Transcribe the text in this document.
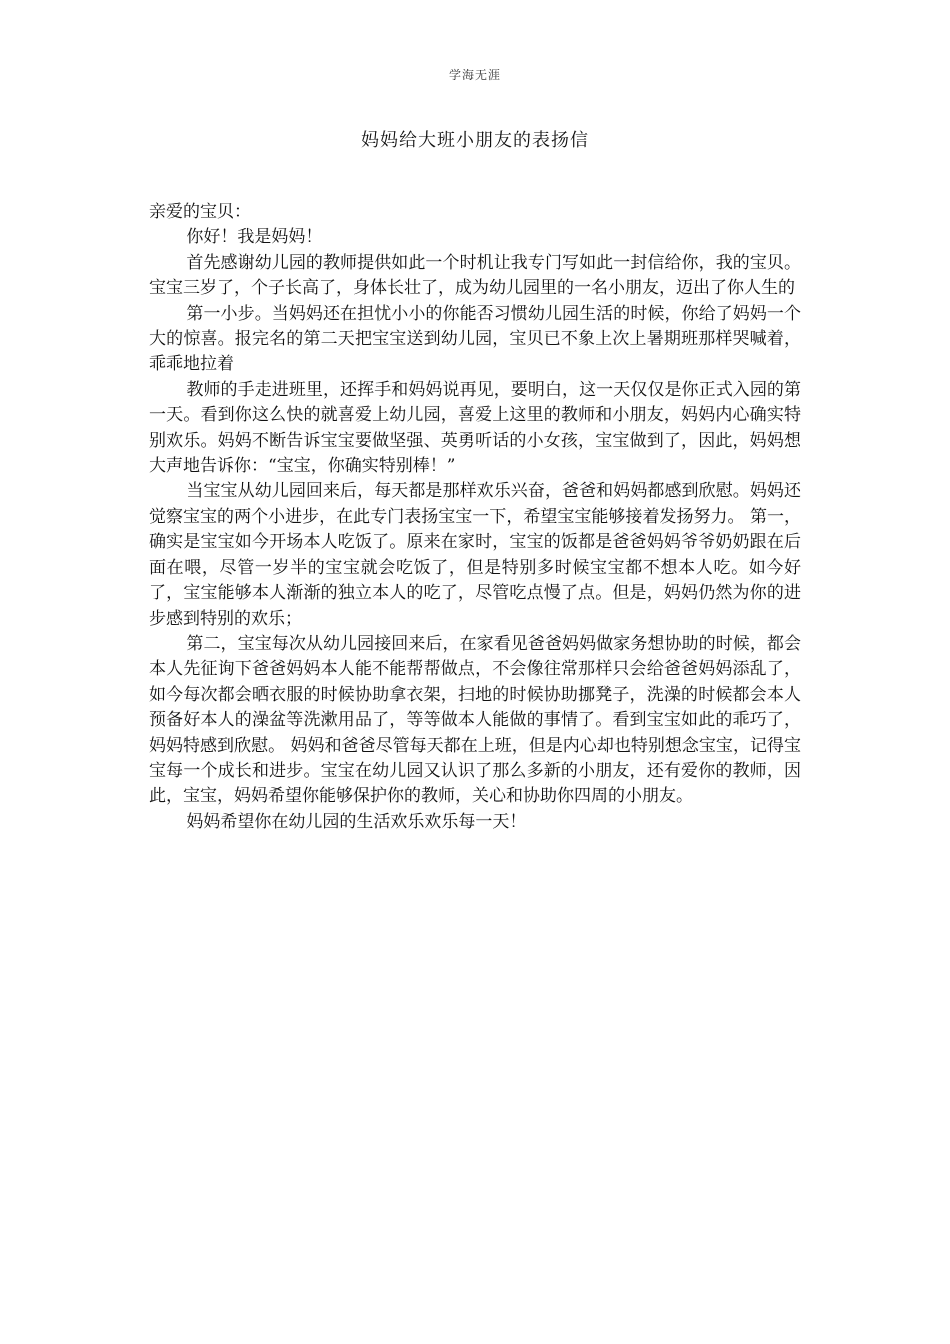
学海无涯
妈妈给大班小朋友的表扬信

亲爱的宝贝：

你好！我是妈妈！

首先感谢幼儿园的教师提供如此一个时机让我专门写如此一封信给你，我的宝贝。 宝宝三岁了，个子长高了，身体长壮了，成为幼儿园里的一名小朋友，迈出了你人生的

第一小步。当妈妈还在担忧小小的你能否习惯幼儿园生活的时候，你给了妈妈一个大的惊喜。报完名的第二天把宝宝送到幼儿园，宝贝已不象上次上暑期班那样哭喊着，乖乖地拉着

教师的手走进班里，还挥手和妈妈说再见，要明白，这一天仅仅是你正式入园的第一天。看到你这么快的就喜爱上幼儿园，喜爱上这里的教师和小朋友，妈妈内心确实特别欢乐。妈妈不断告诉宝宝要做坚强、英勇听话的小女孩，宝宝做到了，因此，妈妈想大声地告诉你：“宝宝，你确实特别棒！”

当宝宝从幼儿园回来后，每天都是那样欢乐兴奋，爸爸和妈妈都感到欣慰。妈妈还觉察宝宝的两个小进步，在此专门表扬宝宝一下，希望宝宝能够接着发扬努力。 第一，确实是宝宝如今开场本人吃饭了。原来在家时，宝宝的饭都是爸爸妈妈爷爷奶奶跟在后面在喂，尽管一岁半的宝宝就会吃饭了，但是特别多时候宝宝都不想本人吃。如今好了，宝宝能够本人渐渐的独立本人的吃了，尽管吃点慢了点。但是，妈妈仍然为你的进步感到特别的欢乐；

第二，宝宝每次从幼儿园接回来后，在家看见爸爸妈妈做家务想协助的时候，都会本人先征询下爸爸妈妈本人能不能帮帮做点，不会像往常那样只会给爸爸妈妈添乱了，如今每次都会晒衣服的时候协助拿衣架，扫地的时候协助挪凳子，洗澡的时候都会本人预备好本人的澡盆等洗漱用品了，等等做本人能做的事情了。看到宝宝如此的乖巧了，妈妈特感到欣慰。 妈妈和爸爸尽管每天都在上班，但是内心却也特别想念宝宝，记得宝宝每一个成长和进步。宝宝在幼儿园又认识了那么多新的小朋友，还有爱你的教师，因此，宝宝，妈妈希望你能够保护你的教师，关心和协助你四周的小朋友。

妈妈希望你在幼儿园的生活欢乐欢乐每一天！
